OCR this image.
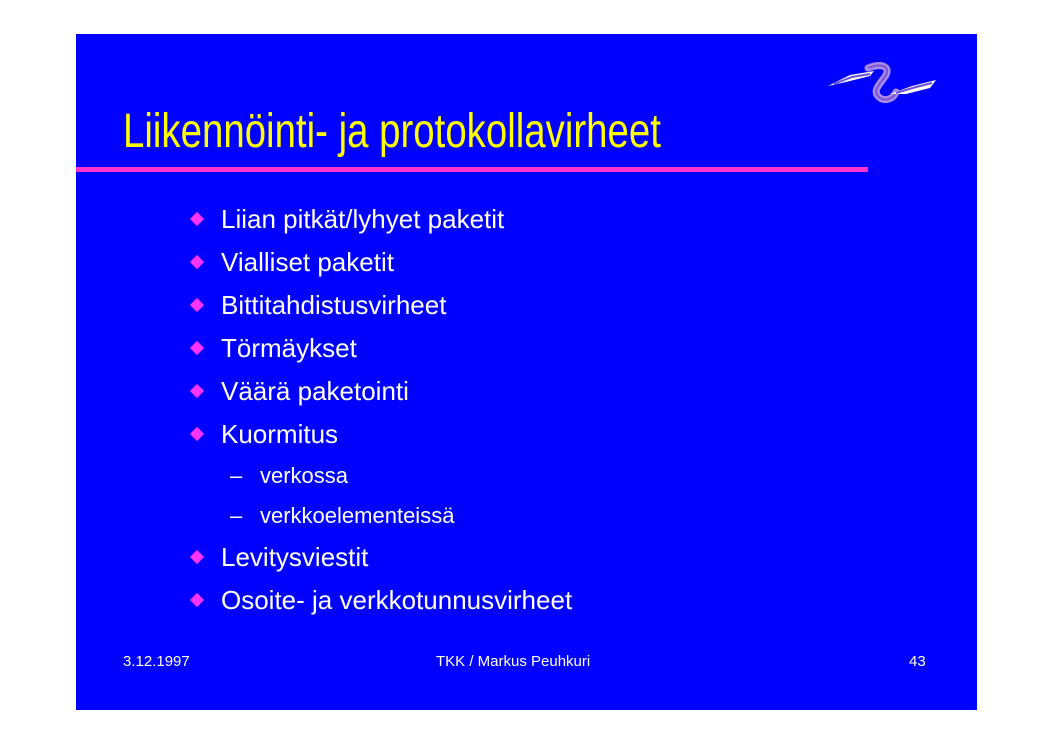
Liikennöinti- ja protokollavirheet
Liian pitkät/lyhyet paketit
Vialliset paketit
Bittitahdistusvirheet
Törmäykset
Väärä paketointi
Kuormitus
– verkossa
– verkkoelementeissä
Levitysviestit
Osoite- ja verkkotunnusvirheet
3.12.1997	TKK / Markus Peuhkuri	43
